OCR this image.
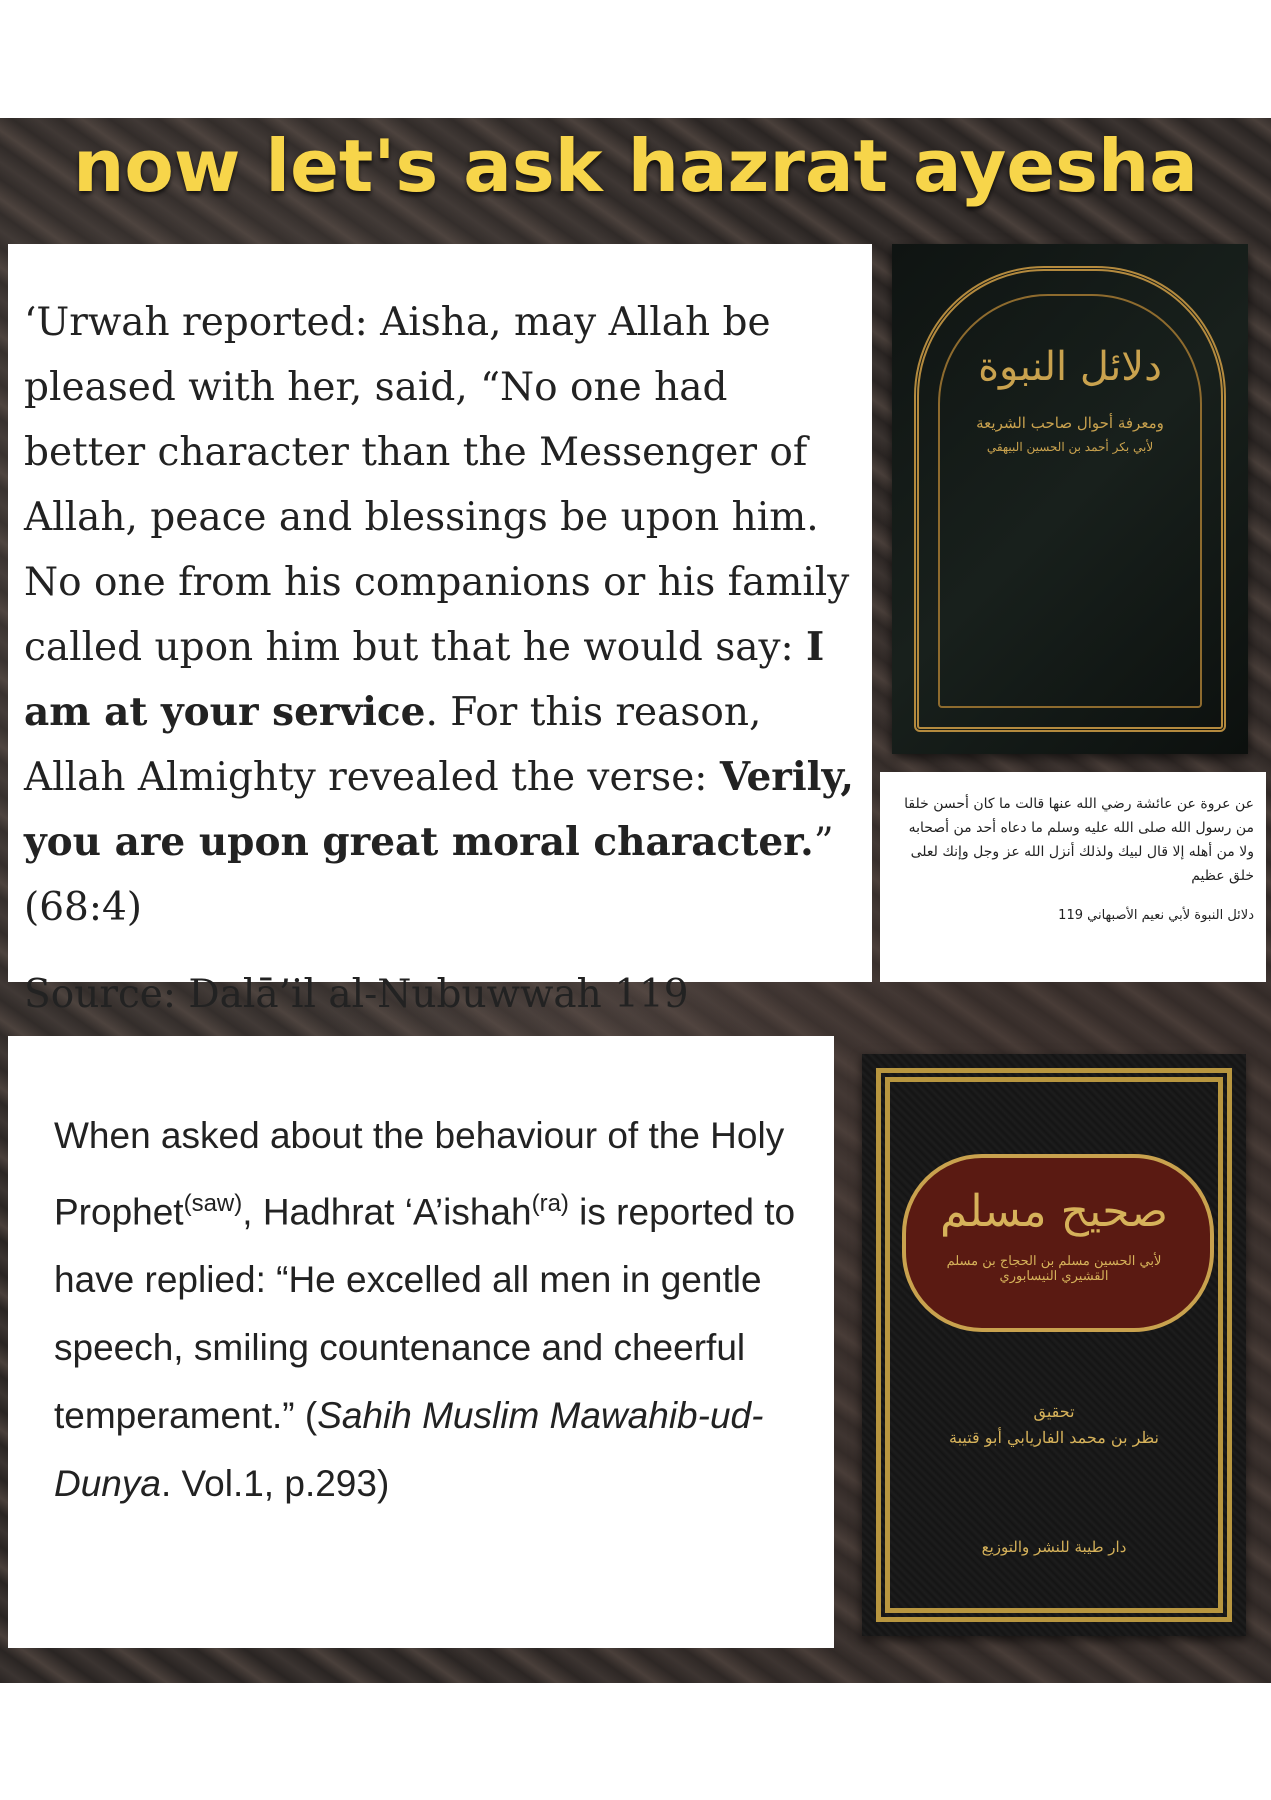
now let's ask hazrat ayesha

‘Urwah reported: Aisha, may Allah be pleased with her, said, “No one had better character than the Messenger of Allah, peace and blessings be upon him. No one from his companions or his family called upon him but that he would say: I am at your service. For this reason, Allah Almighty revealed the verse: Verily, you are upon great moral character.” (68:4)

Source: Dalā’il al-Nubuwwah 119

دلائل النبوة
ومعرفة أحوال صاحب الشريعة
لأبي بكر أحمد بن الحسين البيهقي

عن عروة عن عائشة رضي الله عنها قالت ما كان أحسن خلقا من رسول الله صلى الله عليه وسلم ما دعاه أحد من أصحابه ولا من أهله إلا قال لبيك ولذلك أنزل الله عز وجل وإنك لعلى خلق عظيم

دلائل النبوة لأبي نعيم الأصبهاني 119

When asked about the behaviour of the Holy Prophet$^{(saw)}$, Hadhrat ‘A’ishah$^{(ra)}$ is reported to have replied: “He excelled all men in gentle speech, smiling countenance and cheerful temperament.” (Sahih Muslim Mawahib-ud-Dunya. Vol.1, p.293)

صحيح مسلم
لأبي الحسين مسلم بن الحجاج بن مسلم القشيري النيسابوري
تحقيق
نظر بن محمد الفاريابي أبو قتيبة
دار طيبة للنشر والتوزيع
